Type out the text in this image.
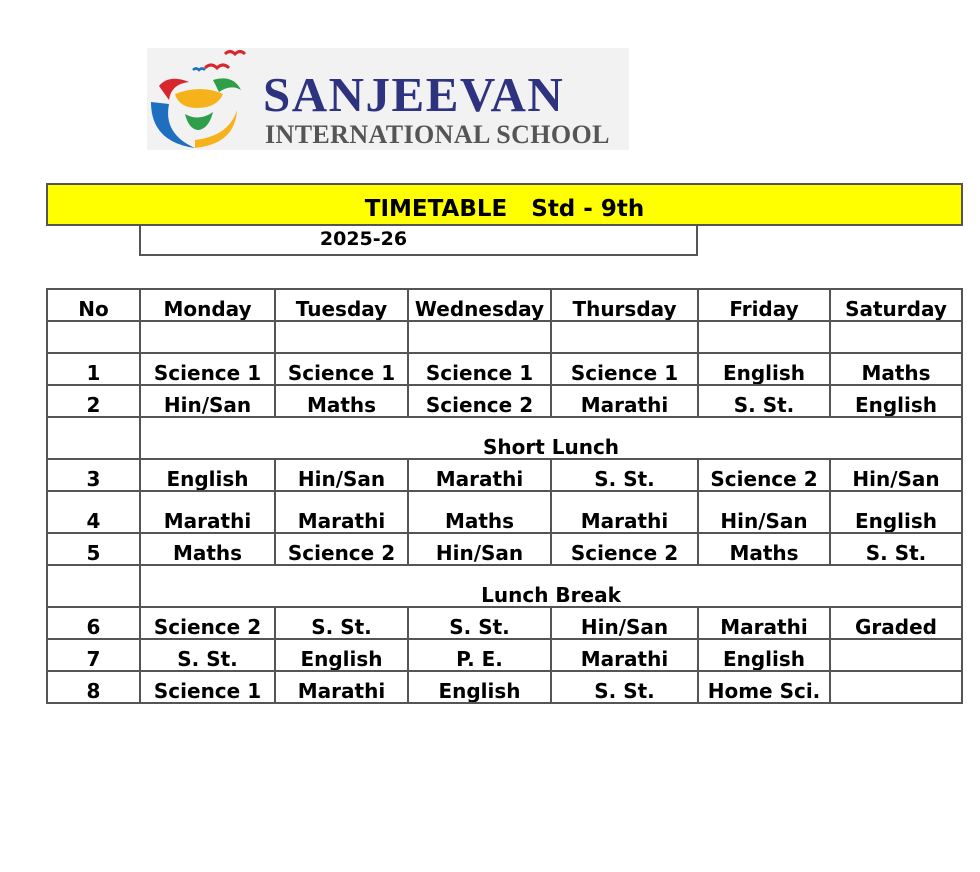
SANJEEVAN

INTERNATIONAL SCHOOL

TIMETABLE   Std - 9th
2025-26
No	Monday	Tuesday	Wednesday	Thursday	Friday	Saturday

1	Science 1	Science 1	Science 1	Science 1	English	Maths
2	Hin/San	Maths	Science 2	Marathi	S. St.	English
	Short Lunch					
3	English	Hin/San	Marathi	S. St.	Science 2	Hin/San
4	Marathi	Marathi	Maths	Marathi	Hin/San	English
5	Maths	Science 2	Hin/San	Science 2	Maths	S. St.
	Lunch Break					
6	Science 2	S. St.	S. St.	Hin/San	Marathi	Graded
7	S. St.	English	P. E.	Marathi	English	
8	Science 1	Marathi	English	S. St.	Home Sci.	
